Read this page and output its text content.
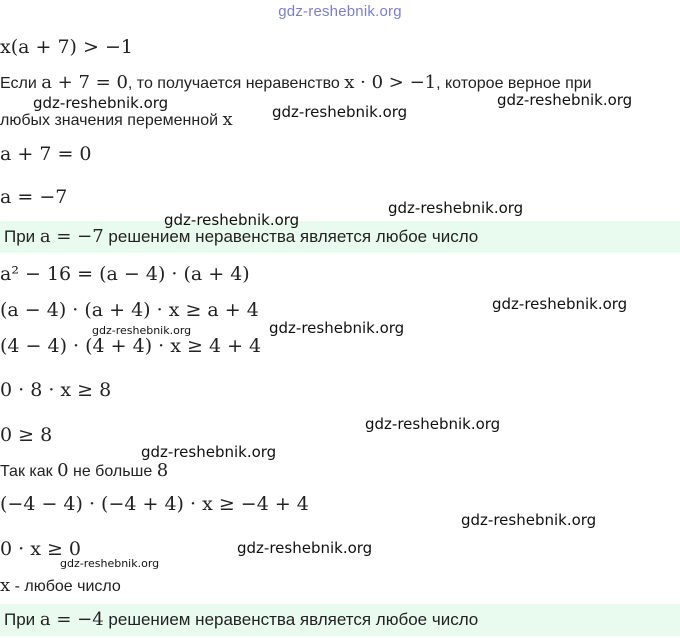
gdz-reshebnik.org
x(a + 7) > −1
Если a + 7 = 0, то получается неравенство x · 0 > −1, которое верное при
любых значения переменной x
a + 7 = 0
a = −7
При a = −7 решением неравенства является любое число
a² − 16 = (a − 4) · (a + 4)
(a − 4) · (a + 4) · x ≥ a + 4
(4 − 4) · (4 + 4) · x ≥ 4 + 4
0 · 8 · x ≥ 8
0 ≥ 8
Так как 0 не больше 8
(−4 − 4) · (−4 + 4) · x ≥ −4 + 4
0 · x ≥ 0
x - любое число
При a = −4 решением неравенства является любое число
gdz-reshebnik.org	gdz-reshebnik.org
gdz-reshebnik.org
gdz-reshebnik.org
gdz-reshebnik.org
gdz-reshebnik.org
gdz-reshebnik.org	gdz-reshebnik.org
gdz-reshebnik.org
gdz-reshebnik.org
gdz-reshebnik.org
gdz-reshebnik.org
gdz-reshebnik.org
